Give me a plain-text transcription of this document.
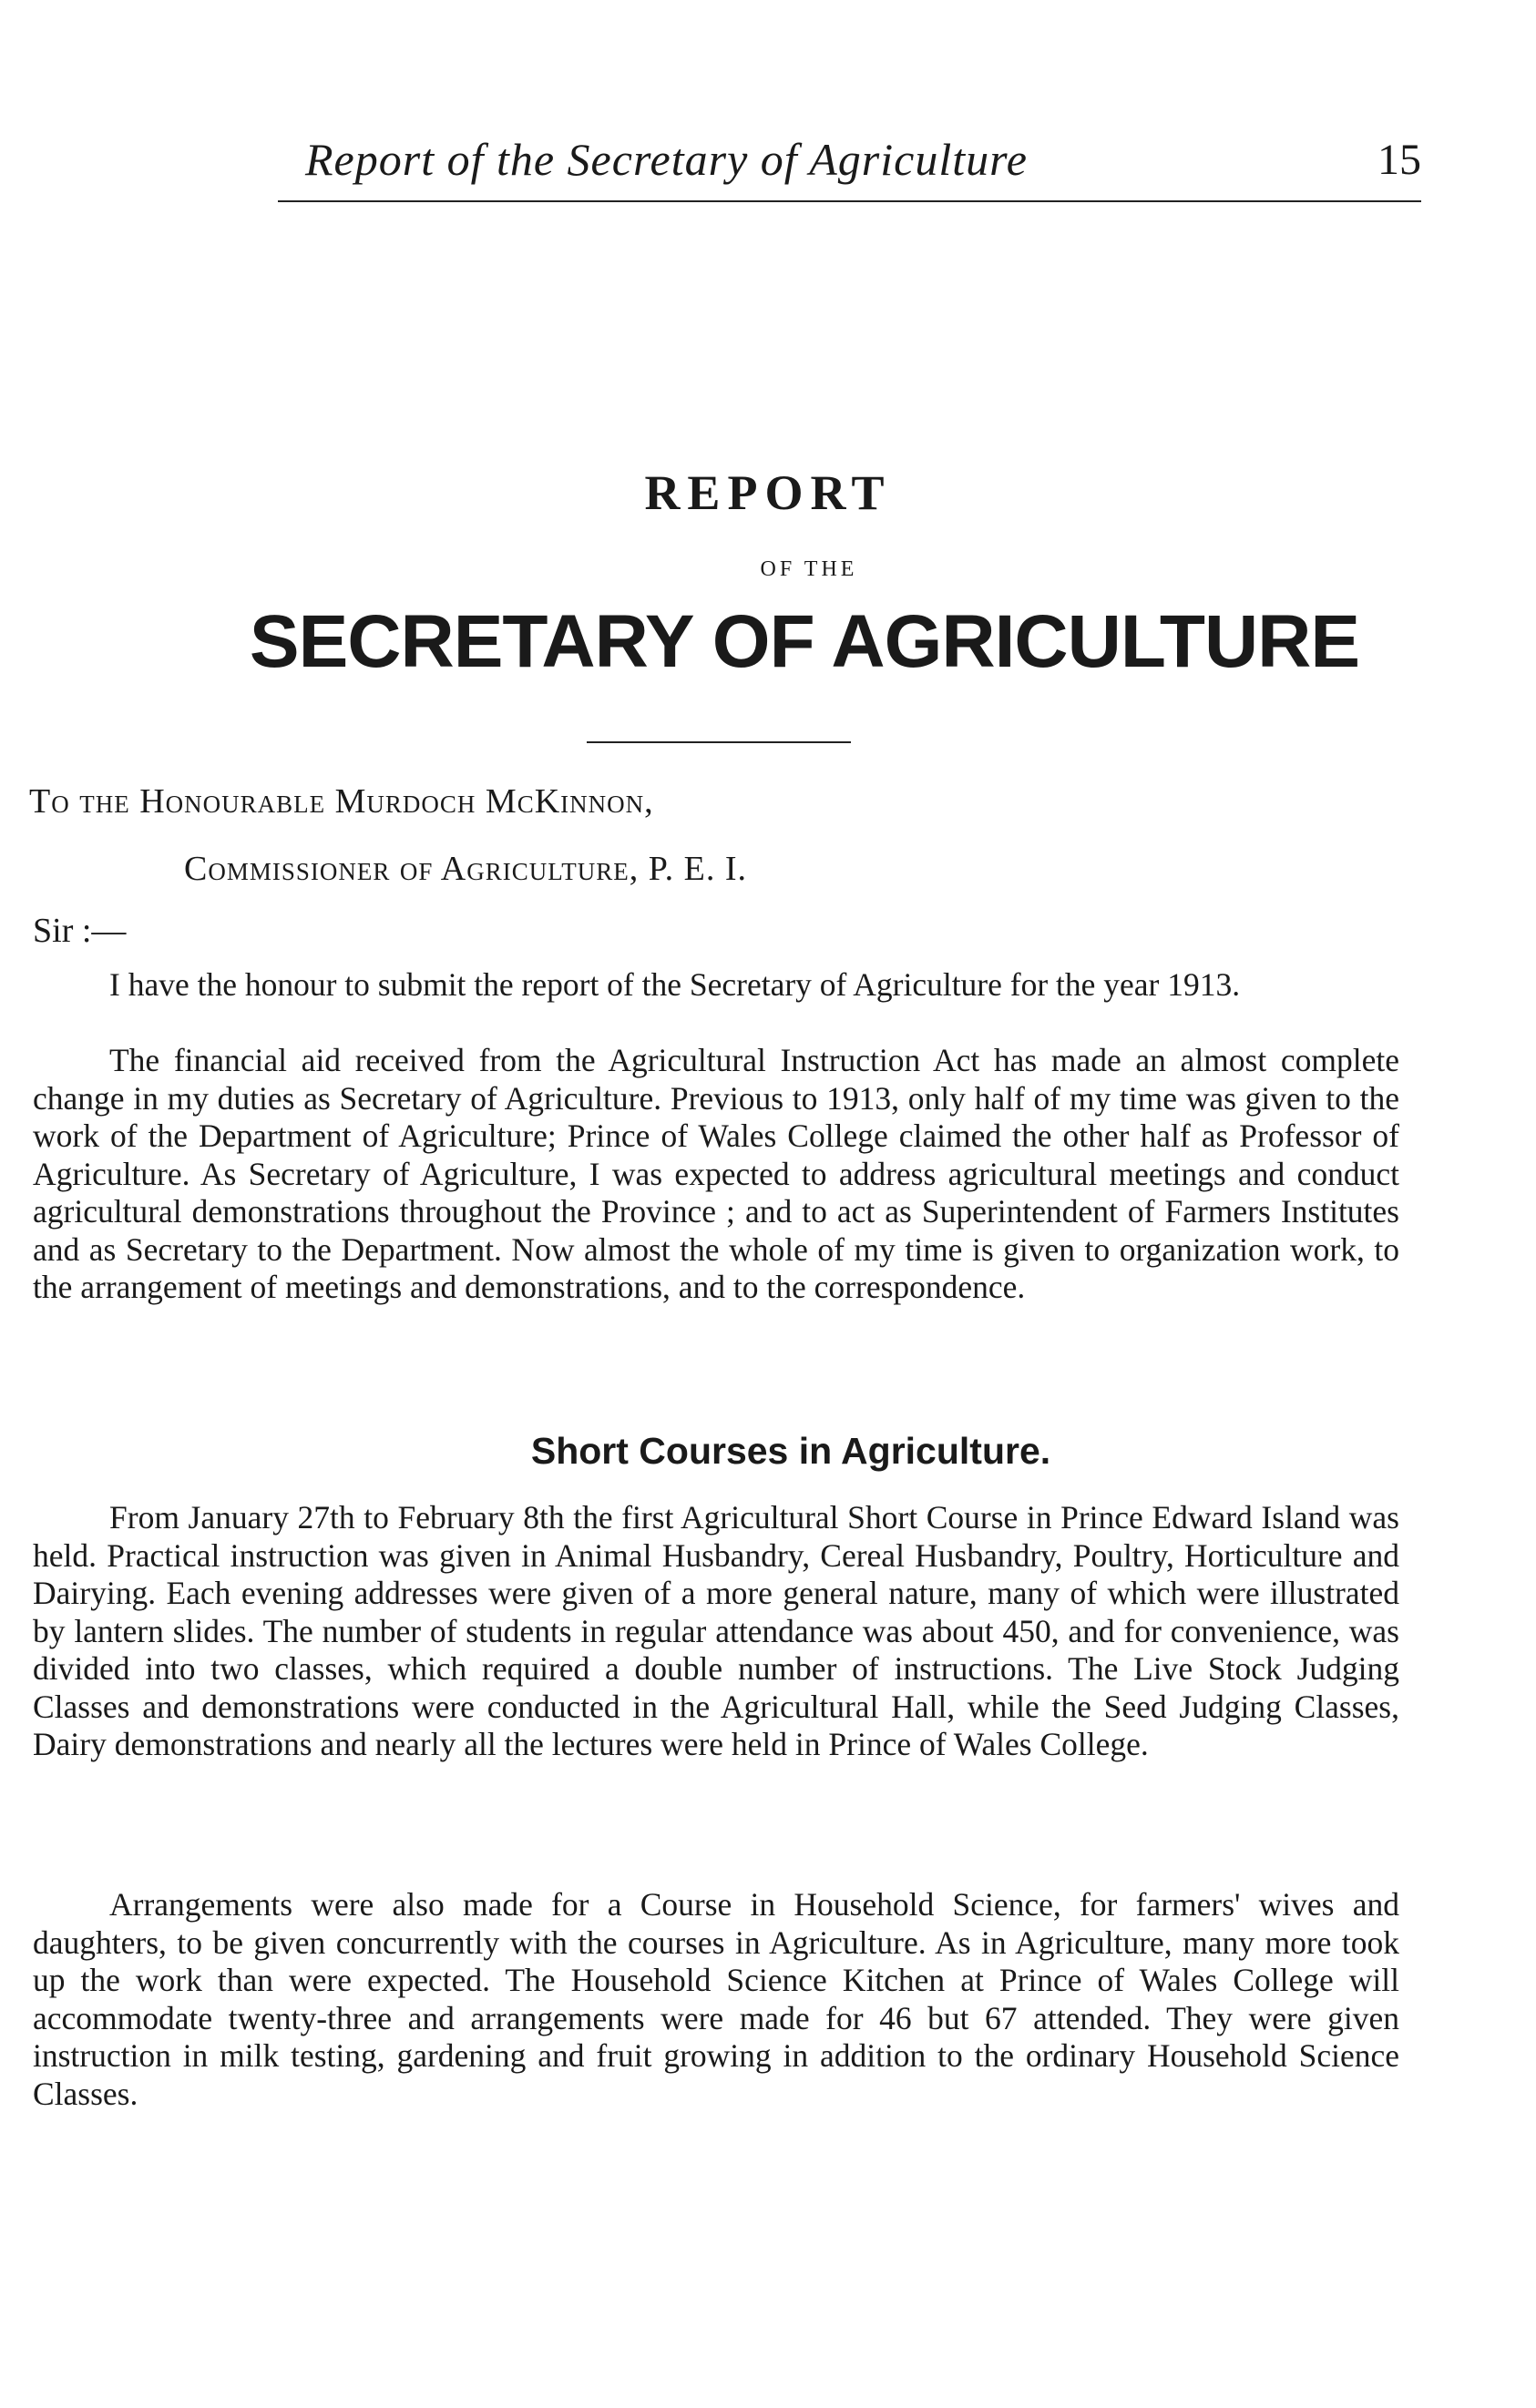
Report of the Secretary of Agriculture	15
REPORT
OF THE
SECRETARY OF AGRICULTURE
To the Honourable Murdoch McKinnon,
Commissioner of Agriculture, P. E. I.
Sir :—

I have the honour to submit the report of the Secretary of Agriculture for the year 1913.

The financial aid received from the Agricultural Instruction Act has made an almost complete change in my duties as Secretary of Agriculture. Previous to 1913, only half of my time was given to the work of the Department of Agriculture; Prince of Wales College claimed the other half as Professor of Agriculture. As Secretary of Agriculture, I was expected to address agricultural meetings and conduct agricultural demonstrations throughout the Province ; and to act as Superintendent of Farmers Institutes and as Secretary to the Department. Now almost the whole of my time is given to organization work, to the arrangement of meetings and demonstrations, and to the correspondence.

Short Courses in Agriculture.

From January 27th to February 8th the first Agricultural Short Course in Prince Edward Island was held. Practical instruction was given in Animal Husbandry, Cereal Husbandry, Poultry, Horticulture and Dairying. Each evening addresses were given of a more general nature, many of which were illustrated by lantern slides. The number of students in regular attendance was about 450, and for convenience, was divided into two classes, which required a double number of instructions. The Live Stock Judging Classes and demonstrations were conducted in the Agricultural Hall, while the Seed Judging Classes, Dairy demonstrations and nearly all the lectures were held in Prince of Wales College.

Arrangements were also made for a Course in Household Science, for farmers' wives and daughters, to be given concurrently with the courses in Agriculture. As in Agriculture, many more took up the work than were expected. The Household Science Kitchen at Prince of Wales College will accommodate twenty-three and arrangements were made for 46 but 67 attended. They were given instruction in milk testing, gardening and fruit growing in addition to the ordinary Household Science Classes.
